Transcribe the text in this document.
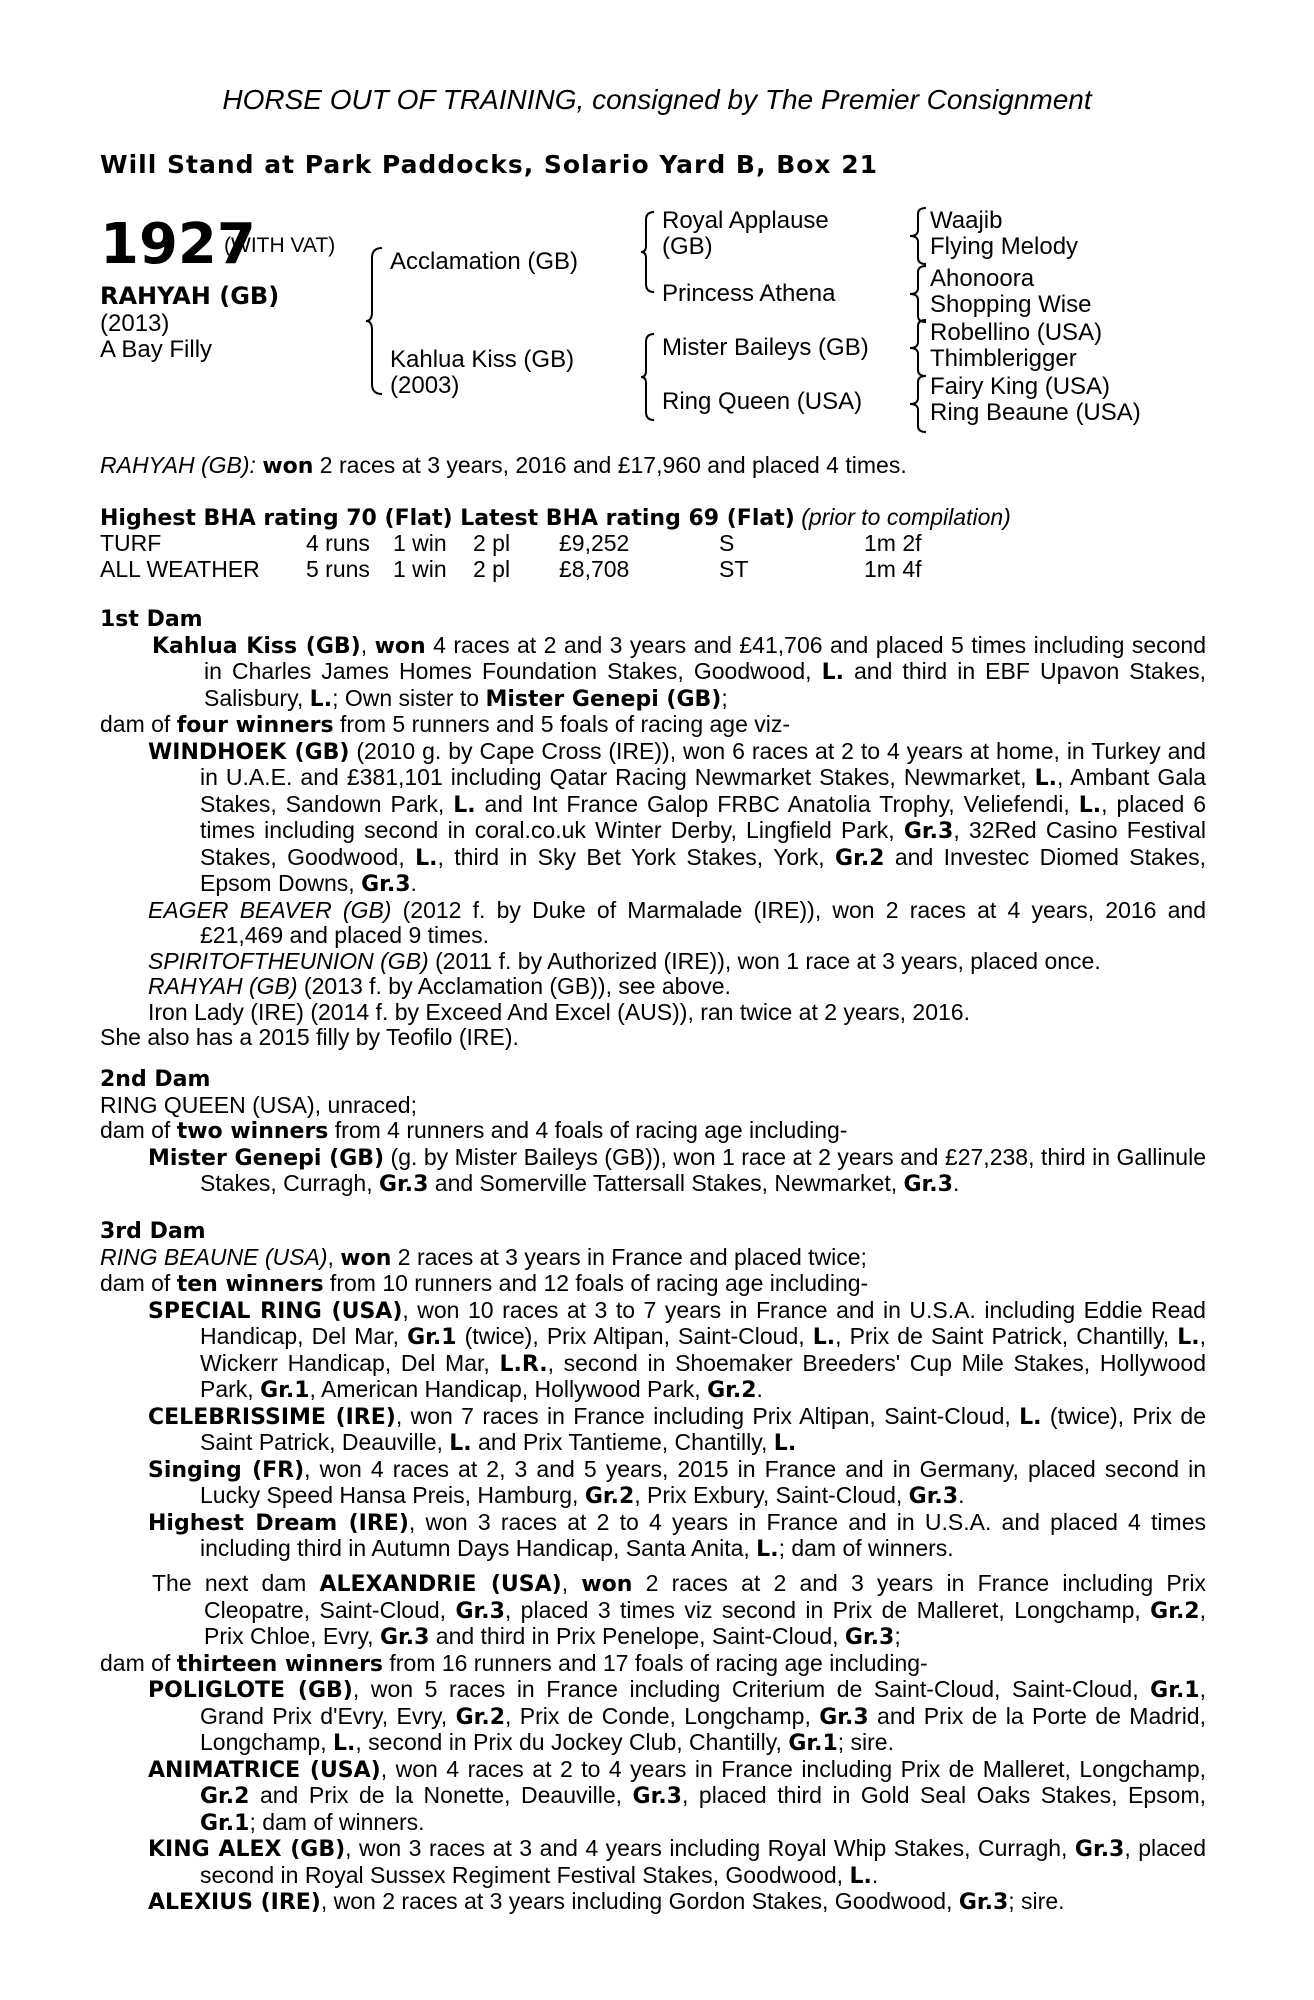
HORSE OUT OF TRAINING, consigned by The Premier Consignment
Will Stand at Park Paddocks, Solario Yard B, Box 21
1927
(WITH VAT)
RAHYAH (GB)
(2013)
A Bay Filly
Acclamation (GB)
Kahlua Kiss (GB)
(2003)
Royal Applause
(GB)
Princess Athena
Mister Baileys (GB)
Ring Queen (USA)
Waajib
Flying Melody
Ahonoora
Shopping Wise
Robellino (USA)
Thimblerigger
Fairy King (USA)
Ring Beaune (USA)
RAHYAH (GB): won 2 races at 3 years, 2016 and £17,960 and placed 4 times.
Highest BHA rating 70 (Flat) Latest BHA rating 69 (Flat) (prior to compilation)
TURF	4 runs 1 win 2 pl £9,252	S	1m 2f
ALL WEATHER 5 runs 1 win 2 pl £8,708	ST	1m 4f

1st Dam

Kahlua Kiss (GB), won 4 races at 2 and 3 years and £41,706 and placed 5 times including second in Charles James Homes Foundation Stakes, Goodwood, L. and third in EBF Upavon Stakes, Salisbury, L.; Own sister to Mister Genepi (GB);

dam of four winners from 5 runners and 5 foals of racing age viz-

WINDHOEK (GB) (2010 g. by Cape Cross (IRE)), won 6 races at 2 to 4 years at home, in Turkey and in U.A.E. and £381,101 including Qatar Racing Newmarket Stakes, Newmarket, L., Ambant Gala Stakes, Sandown Park, L. and Int France Galop FRBC Anatolia Trophy, Veliefendi, L., placed 6 times including second in coral.co.uk Winter Derby, Lingfield Park, Gr.3, 32Red Casino Festival Stakes, Goodwood, L., third in Sky Bet York Stakes, York, Gr.2 and Investec Diomed Stakes, Epsom Downs, Gr.3.

EAGER BEAVER (GB) (2012 f. by Duke of Marmalade (IRE)), won 2 races at 4 years, 2016 and £21,469 and placed 9 times.

SPIRITOFTHEUNION (GB) (2011 f. by Authorized (IRE)), won 1 race at 3 years, placed once.

RAHYAH (GB) (2013 f. by Acclamation (GB)), see above.

Iron Lady (IRE) (2014 f. by Exceed And Excel (AUS)), ran twice at 2 years, 2016.

She also has a 2015 filly by Teofilo (IRE).

2nd Dam

RING QUEEN (USA), unraced;

dam of two winners from 4 runners and 4 foals of racing age including-

Mister Genepi (GB) (g. by Mister Baileys (GB)), won 1 race at 2 years and £27,238, third in Gallinule Stakes, Curragh, Gr.3 and Somerville Tattersall Stakes, Newmarket, Gr.3.

3rd Dam

RING BEAUNE (USA), won 2 races at 3 years in France and placed twice;

dam of ten winners from 10 runners and 12 foals of racing age including-

SPECIAL RING (USA), won 10 races at 3 to 7 years in France and in U.S.A. including Eddie Read Handicap, Del Mar, Gr.1 (twice), Prix Altipan, Saint-Cloud, L., Prix de Saint Patrick, Chantilly, L., Wickerr Handicap, Del Mar, L.R., second in Shoemaker Breeders' Cup Mile Stakes, Hollywood Park, Gr.1, American Handicap, Hollywood Park, Gr.2.

CELEBRISSIME (IRE), won 7 races in France including Prix Altipan, Saint-Cloud, L. (twice), Prix de Saint Patrick, Deauville, L. and Prix Tantieme, Chantilly, L.

Singing (FR), won 4 races at 2, 3 and 5 years, 2015 in France and in Germany, placed second in Lucky Speed Hansa Preis, Hamburg, Gr.2, Prix Exbury, Saint-Cloud, Gr.3.

Highest Dream (IRE), won 3 races at 2 to 4 years in France and in U.S.A. and placed 4 times including third in Autumn Days Handicap, Santa Anita, L.; dam of winners.

The next dam ALEXANDRIE (USA), won 2 races at 2 and 3 years in France including Prix Cleopatre, Saint-Cloud, Gr.3, placed 3 times viz second in Prix de Malleret, Longchamp, Gr.2, Prix Chloe, Evry, Gr.3 and third in Prix Penelope, Saint-Cloud, Gr.3;

dam of thirteen winners from 16 runners and 17 foals of racing age including-

POLIGLOTE (GB), won 5 races in France including Criterium de Saint-Cloud, Saint-Cloud, Gr.1, Grand Prix d'Evry, Evry, Gr.2, Prix de Conde, Longchamp, Gr.3 and Prix de la Porte de Madrid, Longchamp, L., second in Prix du Jockey Club, Chantilly, Gr.1; sire.

ANIMATRICE (USA), won 4 races at 2 to 4 years in France including Prix de Malleret, Longchamp, Gr.2 and Prix de la Nonette, Deauville, Gr.3, placed third in Gold Seal Oaks Stakes, Epsom, Gr.1; dam of winners.

KING ALEX (GB), won 3 races at 3 and 4 years including Royal Whip Stakes, Curragh, Gr.3, placed second in Royal Sussex Regiment Festival Stakes, Goodwood, L..

ALEXIUS (IRE), won 2 races at 3 years including Gordon Stakes, Goodwood, Gr.3; sire.
